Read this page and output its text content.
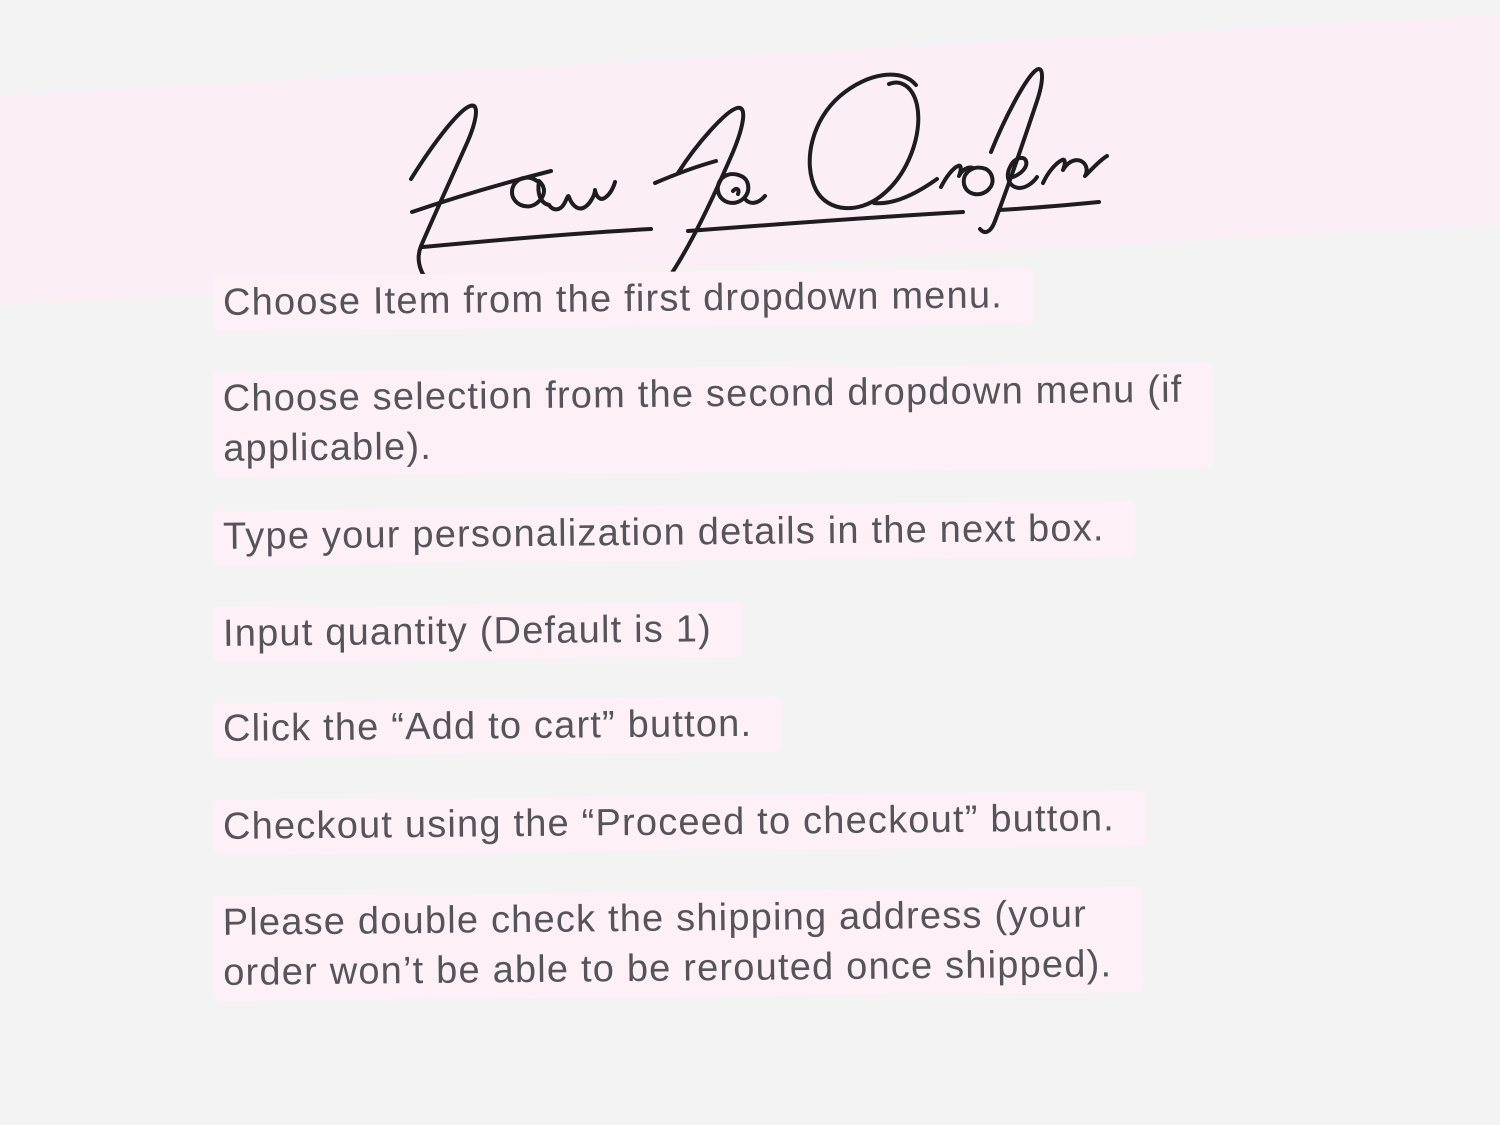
Choose Item from the first dropdown menu.
Choose selection from the second dropdown menu (if
applicable).
Type your personalization details in the next box.
Input quantity (Default is 1)
Click the “Add to cart” button.
Checkout using the “Proceed to checkout” button.
Please double check the shipping address (your
order won’t be able to be rerouted once shipped).
